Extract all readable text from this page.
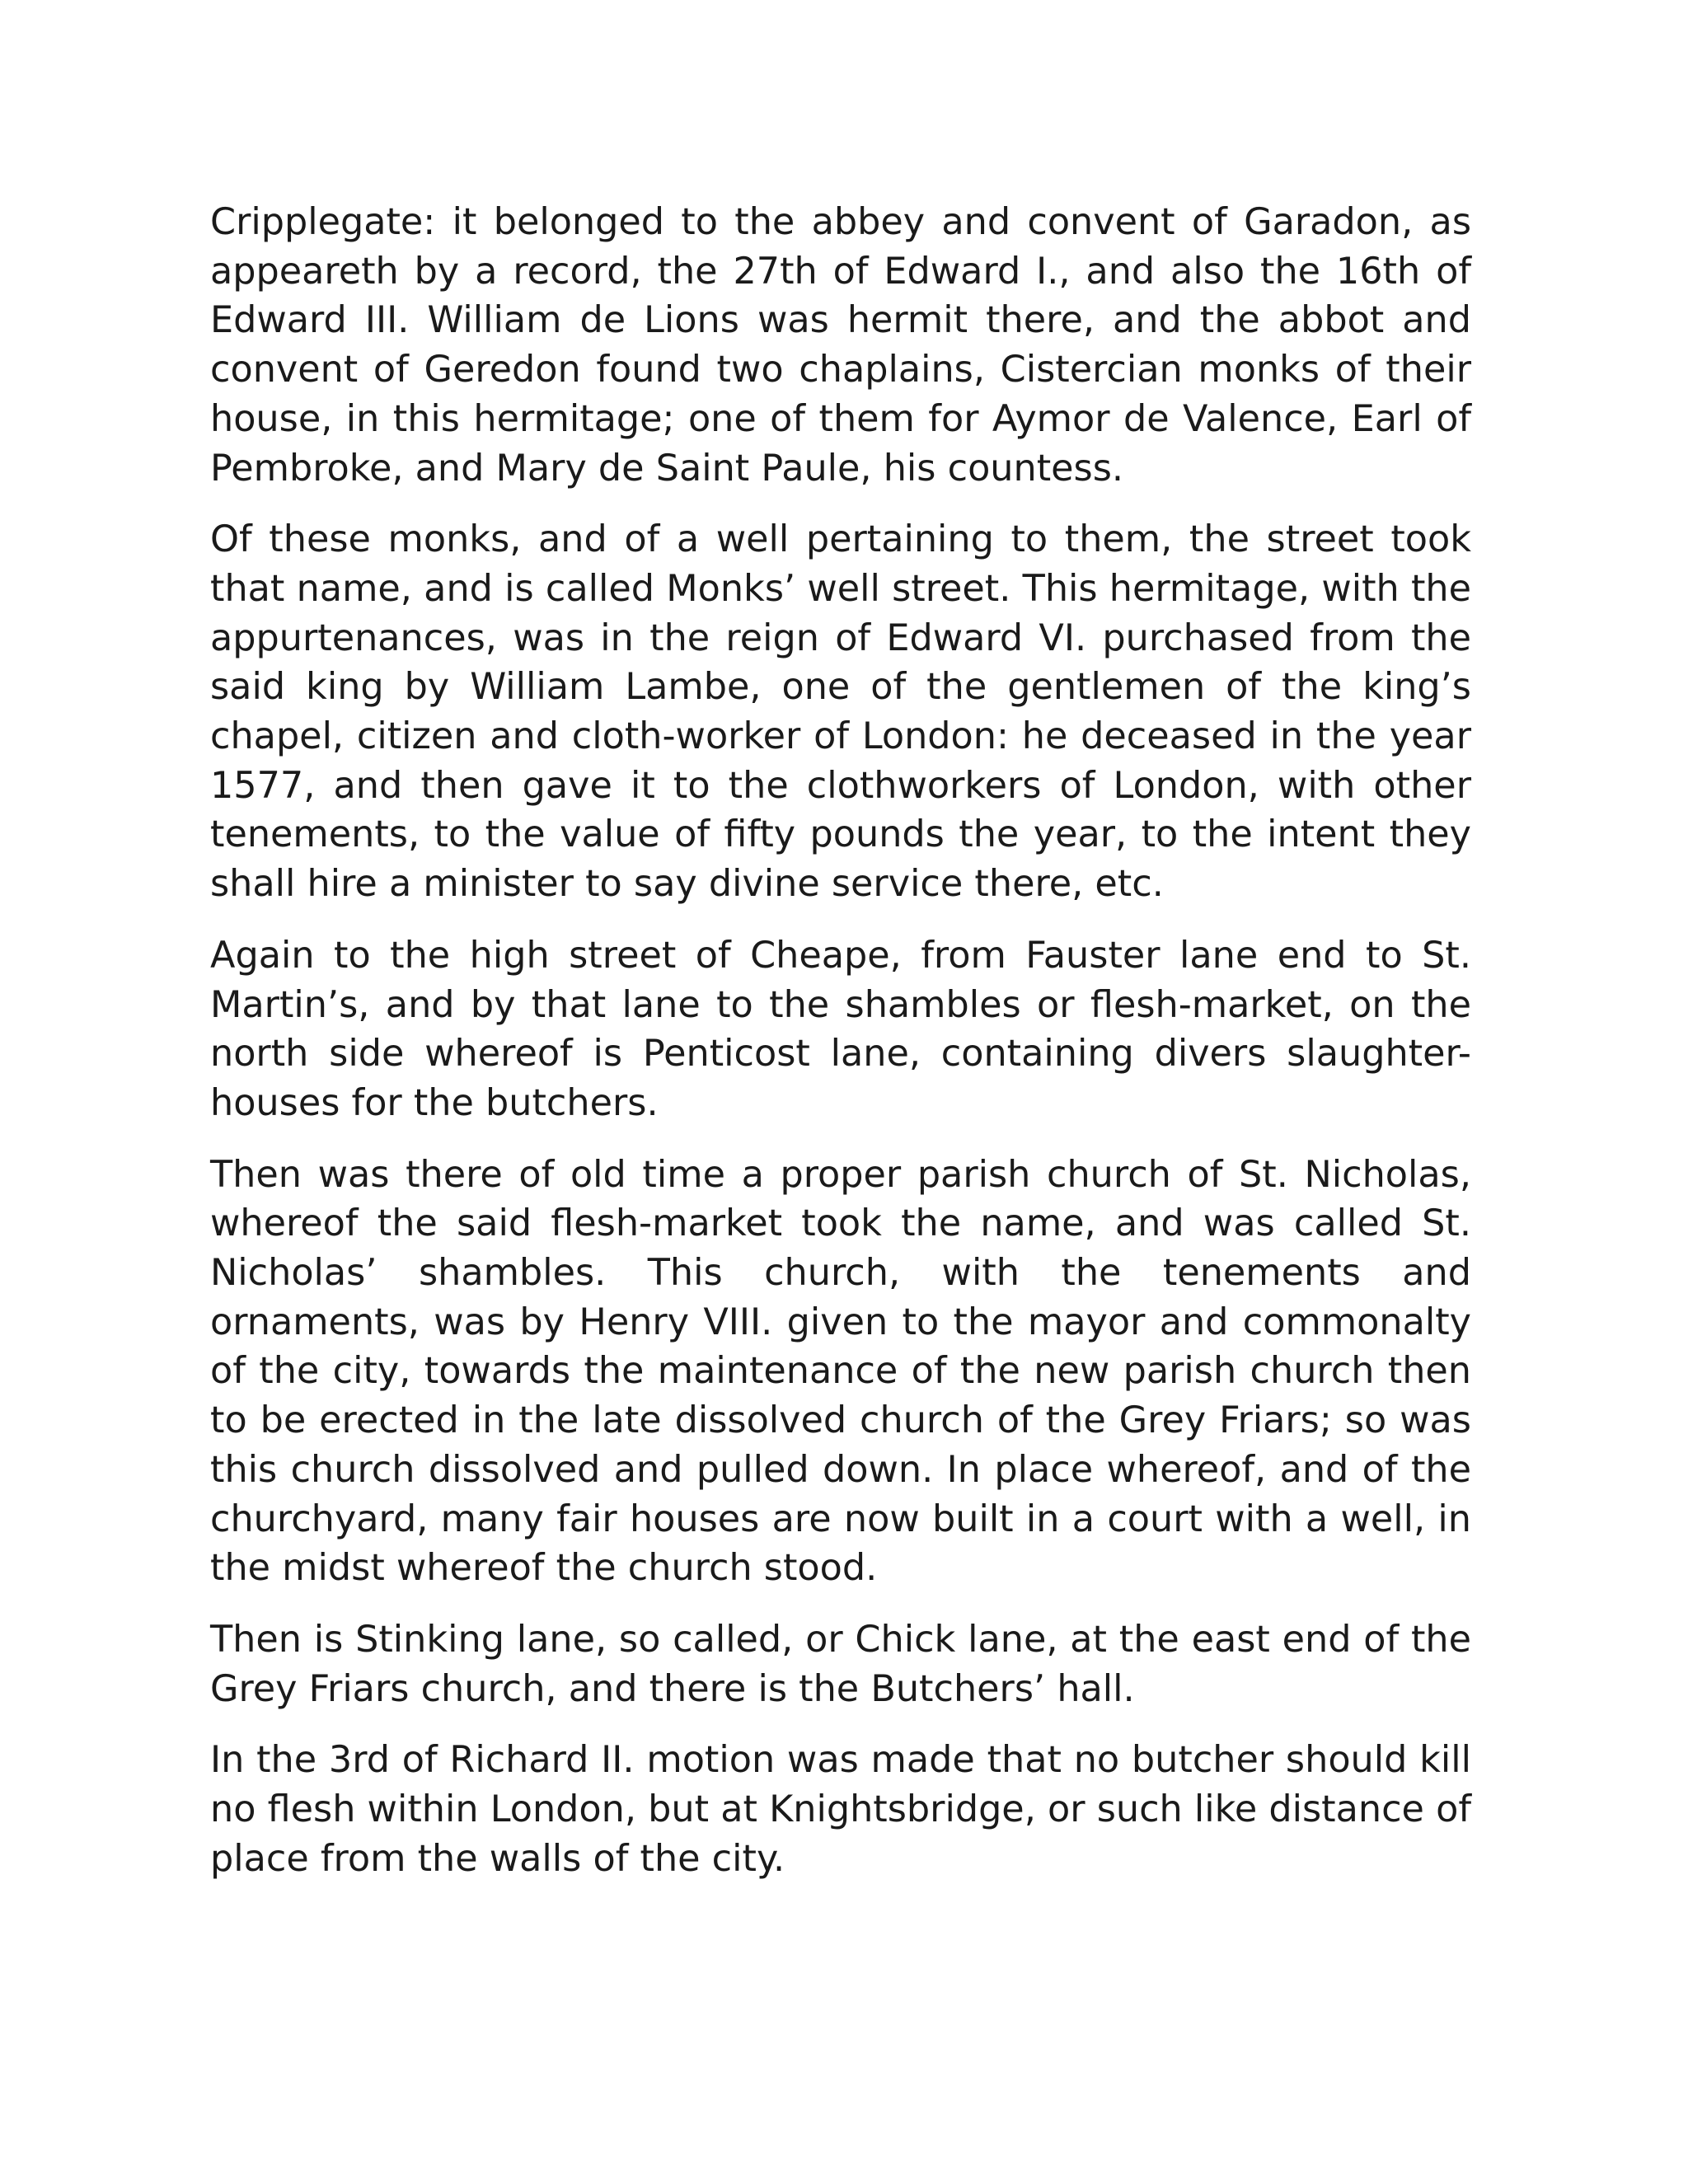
Cripplegate: it belonged to the abbey and convent of Garadon, as appeareth by a record, the 27th of Edward I., and also the 16th of Edward III. William de Lions was hermit there, and the abbot and convent of Geredon found two chaplains, Cistercian monks of their house, in this hermitage; one of them for Aymor de Valence, Earl of Pembroke, and Mary de Saint Paule, his countess.

Of these monks, and of a well pertaining to them, the street took that name, and is called Monks’ well street. This hermitage, with the appurtenances, was in the reign of Edward VI. purchased from the said king by William Lambe, one of the gentlemen of the king’s chapel, citizen and cloth-worker of London: he deceased in the year 1577, and then gave it to the clothworkers of London, with other tenements, to the value of fifty pounds the year, to the intent they shall hire a minister to say divine service there, etc.

Again to the high street of Cheape, from Fauster lane end to St. Martin’s, and by that lane to the shambles or flesh-market, on the north side whereof is Penticost lane, containing divers slaughter-houses for the butchers.

Then was there of old time a proper parish church of St. Nicholas, whereof the said flesh-market took the name, and was called St. Nicholas’ shambles. This church, with the tenements and ornaments, was by Henry VIII. given to the mayor and commonalty of the city, towards the maintenance of the new parish church then to be erected in the late dissolved church of the Grey Friars; so was this church dissolved and pulled down. In place whereof, and of the churchyard, many fair houses are now built in a court with a well, in the midst whereof the church stood.

Then is Stinking lane, so called, or Chick lane, at the east end of the Grey Friars church, and there is the Butchers’ hall.

In the 3rd of Richard II. motion was made that no butcher should kill no flesh within London, but at Knightsbridge, or such like distance of place from the walls of the city.
